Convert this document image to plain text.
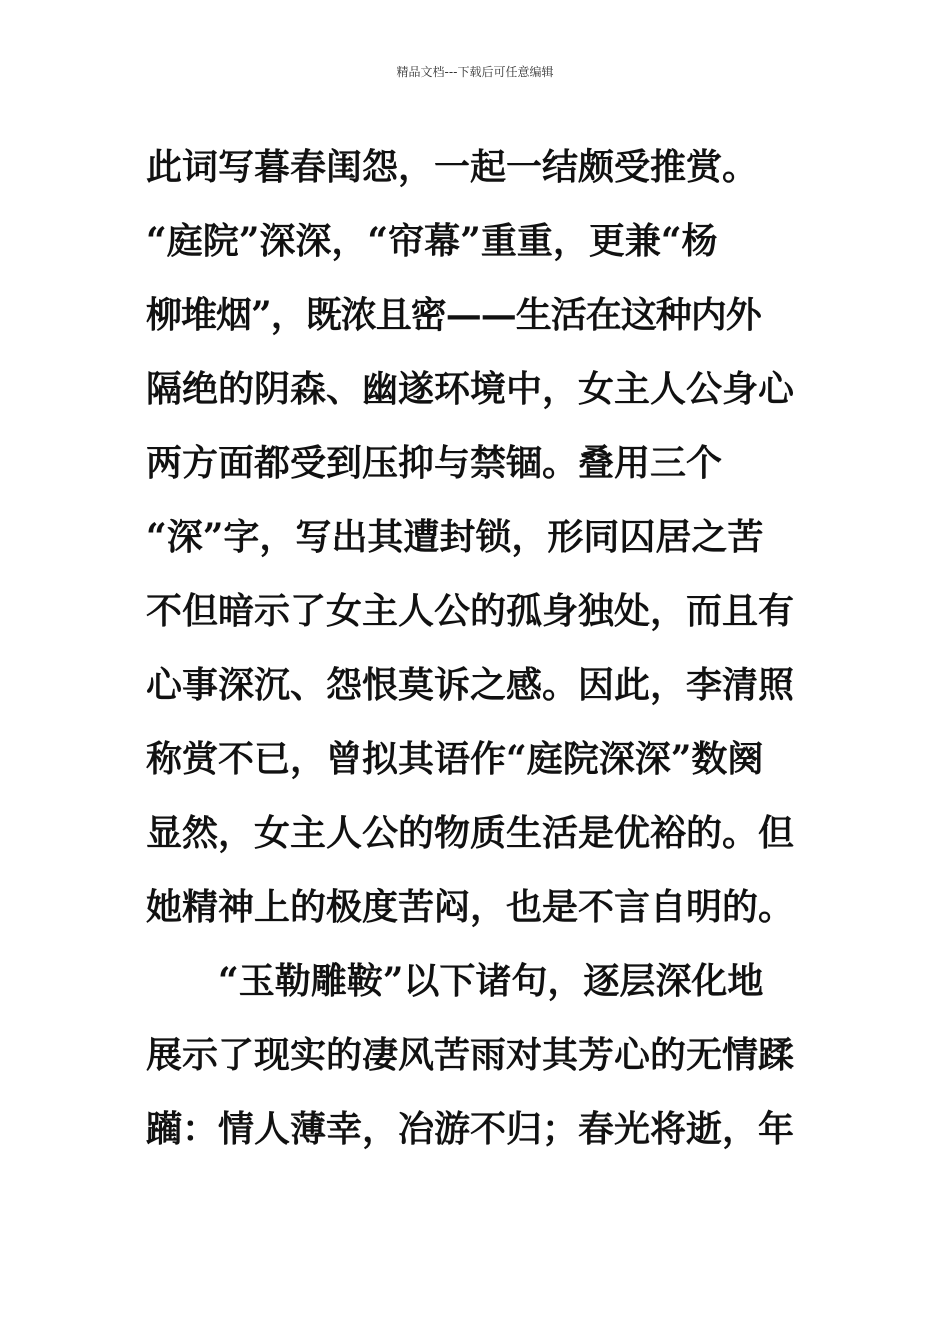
精品文档---下载后可任意编辑
此词写暮春闺怨，一起一结颇受推赏。
“庭院”深深，“帘幕”重重，更兼“杨
柳堆烟”，既浓且密——生活在这种内外
隔绝的阴森、幽遂环境中，女主人公身心
两方面都受到压抑与禁锢。叠用三个
“深”字，写出其遭封锁，形同囚居之苦
不但暗示了女主人公的孤身独处，而且有
心事深沉、怨恨莫诉之感。因此，李清照
称赏不已，曾拟其语作“庭院深深”数阕
显然，女主人公的物质生活是优裕的。但
她精神上的极度苦闷，也是不言自明的。
　　“玉勒雕鞍”以下诸句，逐层深化地
展示了现实的凄风苦雨对其芳心的无情蹂
躏：情人薄幸，冶游不归；春光将逝，年
